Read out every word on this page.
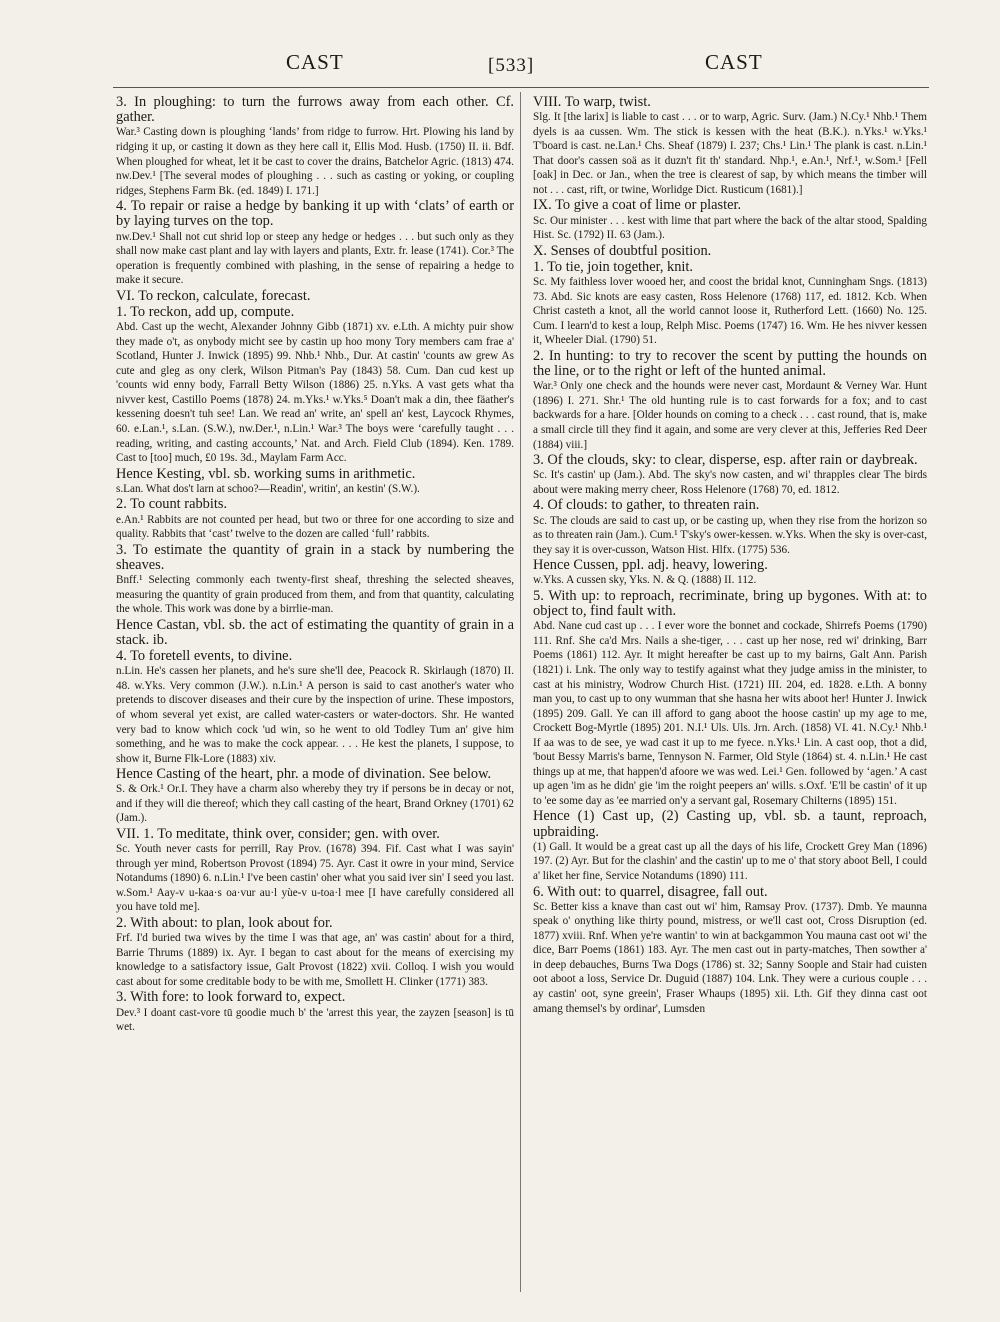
CAST	[533]	CAST
3. In ploughing: to turn the furrows away from each other. Cf. gather.
War.³ Casting down is ploughing ‘lands’ from ridge to furrow. Hrt. Plowing his land by ridging it up, or casting it down as they here call it, Ellis Mod. Husb. (1750) II. ii. Bdf. When ploughed for wheat, let it be cast to cover the drains, Batchelor Agric. (1813) 474. nw.Dev.¹ [The several modes of ploughing . . . such as casting or yoking, or coupling ridges, Stephens Farm Bk. (ed. 1849) I. 171.]
4. To repair or raise a hedge by banking it up with ‘clats’ of earth or by laying turves on the top.
nw.Dev.¹ Shall not cut shrid lop or steep any hedge or hedges . . . but such only as they shall now make cast plant and lay with layers and plants, Extr. fr. lease (1741). Cor.³ The operation is frequently combined with plashing, in the sense of repairing a hedge to make it secure.
VI. To reckon, calculate, forecast.
1. To reckon, add up, compute.
Abd. Cast up the wecht, Alexander Johnny Gibb (1871) xv. e.Lth. A michty puir show they made o't, as onybody micht see by castin up hoo mony Tory members cam frae a' Scotland, Hunter J. Inwick (1895) 99. Nhb.¹ Nhb., Dur. At castin' 'counts aw grew As cute and gleg as ony clerk, Wilson Pitman's Pay (1843) 58. Cum. Dan cud kest up 'counts wid enny body, Farrall Betty Wilson (1886) 25. n.Yks. A vast gets what tha nivver kest, Castillo Poems (1878) 24. m.Yks.¹ w.Yks.⁵ Doan't mak a din, thee fäather's kessening doesn't tuh see! Lan. We read an' write, an' spell an' kest, Laycock Rhymes, 60. e.Lan.¹, s.Lan. (S.W.), nw.Der.¹, n.Lin.¹ War.³ The boys were ‘carefully taught . . . reading, writing, and casting accounts,’ Nat. and Arch. Field Club (1894). Ken. 1789. Cast to [too] much, £0 19s. 3d., Maylam Farm Acc.
Hence Kesting, vbl. sb. working sums in arithmetic.
s.Lan. What dos't larn at schoo?—Readin', writin', an kestin' (S.W.).
2. To count rabbits.
e.An.¹ Rabbits are not counted per head, but two or three for one according to size and quality. Rabbits that ‘cast’ twelve to the dozen are called ‘full’ rabbits.
3. To estimate the quantity of grain in a stack by numbering the sheaves.
Bnff.¹ Selecting commonly each twenty-first sheaf, threshing the selected sheaves, measuring the quantity of grain produced from them, and from that quantity, calculating the whole. This work was done by a birrlie-man.
Hence Castan, vbl. sb. the act of estimating the quantity of grain in a stack. ib.
4. To foretell events, to divine.
n.Lin. He's cassen her planets, and he's sure she'll dee, Peacock R. Skirlaugh (1870) II. 48. w.Yks. Very common (J.W.). n.Lin.¹ A person is said to cast another's water who pretends to discover diseases and their cure by the inspection of urine. These impostors, of whom several yet exist, are called water-casters or water-doctors. Shr. He wanted very bad to know which cock 'ud win, so he went to old Todley Tum an' give him something, and he was to make the cock appear. . . . He kest the planets, I suppose, to show it, Burne Flk-Lore (1883) xiv.
Hence Casting of the heart, phr. a mode of divination. See below.
S. & Ork.¹ Or.I. They have a charm also whereby they try if persons be in decay or not, and if they will die thereof; which they call casting of the heart, Brand Orkney (1701) 62 (Jam.).
VII. 1. To meditate, think over, consider; gen. with over.
Sc. Youth never casts for perrill, Ray Prov. (1678) 394. Fif. Cast what I was sayin' through yer mind, Robertson Provost (1894) 75. Ayr. Cast it owre in your mind, Service Notandums (1890) 6. n.Lin.¹ I've been castin' oher what you said iver sin' I seed you last. w.Som.¹ Aay-v u-kaa·s oa·vur au·l yùe-v u-toa·l mee [I have carefully considered all you have told me].
2. With about: to plan, look about for.
Frf. I'd buried twa wives by the time I was that age, an' was castin' about for a third, Barrie Thrums (1889) ix. Ayr. I began to cast about for the means of exercising my knowledge to a satisfactory issue, Galt Provost (1822) xvii. Colloq. I wish you would cast about for some creditable body to be with me, Smollett H. Clinker (1771) 383.
3. With fore: to look forward to, expect.
Dev.³ I doant cast-vore tū goodie much b' the 'arrest this year, the zayzen [season] is tū wet.
VIII. To warp, twist.
Slg. It [the larix] is liable to cast . . . or to warp, Agric. Surv. (Jam.) N.Cy.¹ Nhb.¹ Them dyels is aa cussen. Wm. The stick is kessen with the heat (B.K.). n.Yks.¹ w.Yks.¹ T'board is cast. ne.Lan.¹ Chs. Sheaf (1879) I. 237; Chs.¹ Lin.¹ The plank is cast. n.Lin.¹ That door's cassen soä as it duzn't fit th' standard. Nhp.¹, e.An.¹, Nrf.¹, w.Som.¹ [Fell [oak] in Dec. or Jan., when the tree is clearest of sap, by which means the timber will not . . . cast, rift, or twine, Worlidge Dict. Rusticum (1681).]
IX. To give a coat of lime or plaster.
Sc. Our minister . . . kest with lime that part where the back of the altar stood, Spalding Hist. Sc. (1792) II. 63 (Jam.).
X. Senses of doubtful position.
1. To tie, join together, knit.
Sc. My faithless lover wooed her, and coost the bridal knot, Cunningham Sngs. (1813) 73. Abd. Sic knots are easy casten, Ross Helenore (1768) 117, ed. 1812. Kcb. When Christ casteth a knot, all the world cannot loose it, Rutherford Lett. (1660) No. 125. Cum. I learn'd to kest a loup, Relph Misc. Poems (1747) 16. Wm. He hes nivver kessen it, Wheeler Dial. (1790) 51.
2. In hunting: to try to recover the scent by putting the hounds on the line, or to the right or left of the hunted animal.
War.³ Only one check and the hounds were never cast, Mordaunt & Verney War. Hunt (1896) I. 271. Shr.¹ The old hunting rule is to cast forwards for a fox; and to cast backwards for a hare. [Older hounds on coming to a check . . . cast round, that is, make a small circle till they find it again, and some are very clever at this, Jefferies Red Deer (1884) viii.]
3. Of the clouds, sky: to clear, disperse, esp. after rain or daybreak.
Sc. It's castin' up (Jam.). Abd. The sky's now casten, and wi' thrapples clear The birds about were making merry cheer, Ross Helenore (1768) 70, ed. 1812.
4. Of clouds: to gather, to threaten rain.
Sc. The clouds are said to cast up, or be casting up, when they rise from the horizon so as to threaten rain (Jam.). Cum.¹ T'sky's ower-kessen. w.Yks. When the sky is over-cast, they say it is over-cusson, Watson Hist. Hlfx. (1775) 536.
Hence Cussen, ppl. adj. heavy, lowering.
w.Yks. A cussen sky, Yks. N. & Q. (1888) II. 112.
5. With up: to reproach, recriminate, bring up bygones. With at: to object to, find fault with.
Abd. Nane cud cast up . . . I ever wore the bonnet and cockade, Shirrefs Poems (1790) 111. Rnf. She ca'd Mrs. Nails a she-tiger, . . . cast up her nose, red wi' drinking, Barr Poems (1861) 112. Ayr. It might hereafter be cast up to my bairns, Galt Ann. Parish (1821) i. Lnk. The only way to testify against what they judge amiss in the minister, to cast at his ministry, Wodrow Church Hist. (1721) III. 204, ed. 1828. e.Lth. A bonny man you, to cast up to ony wumman that she hasna her wits aboot her! Hunter J. Inwick (1895) 209. Gall. Ye can ill afford to gang aboot the hoose castin' up my age to me, Crockett Bog-Myrtle (1895) 201. N.I.¹ Uls. Uls. Jrn. Arch. (1858) VI. 41. N.Cy.¹ Nhb.¹ If aa was to de see, ye wad cast it up to me fyece. n.Yks.¹ Lin. A cast oop, thot a did, 'bout Bessy Marris's barne, Tennyson N. Farmer, Old Style (1864) st. 4. n.Lin.¹ He cast things up at me, that happen'd afoore we was wed. Lei.¹ Gen. followed by ‘agen.’ A cast up agen 'im as he didn' gie 'im the roight peepers an' wills. s.Oxf. 'E'll be castin' of it up to 'ee some day as 'ee married on'y a servant gal, Rosemary Chilterns (1895) 151.
Hence (1) Cast up, (2) Casting up, vbl. sb. a taunt, reproach, upbraiding.
(1) Gall. It would be a great cast up all the days of his life, Crockett Grey Man (1896) 197. (2) Ayr. But for the clashin' and the castin' up to me o' that story aboot Bell, I could a' liket her fine, Service Notandums (1890) 111.
6. With out: to quarrel, disagree, fall out.
Sc. Better kiss a knave than cast out wi' him, Ramsay Prov. (1737). Dmb. Ye maunna speak o' onything like thirty pound, mistress, or we'll cast oot, Cross Disruption (ed. 1877) xviii. Rnf. When ye're wantin' to win at backgammon You mauna cast oot wi' the dice, Barr Poems (1861) 183. Ayr. The men cast out in party-matches, Then sowther a' in deep debauches, Burns Twa Dogs (1786) st. 32; Sanny Soople and Stair had cuisten oot aboot a loss, Service Dr. Duguid (1887) 104. Lnk. They were a curious couple . . . ay castin' oot, syne greein', Fraser Whaups (1895) xii. Lth. Gif they dinna cast oot amang themsel's by ordinar', Lumsden
